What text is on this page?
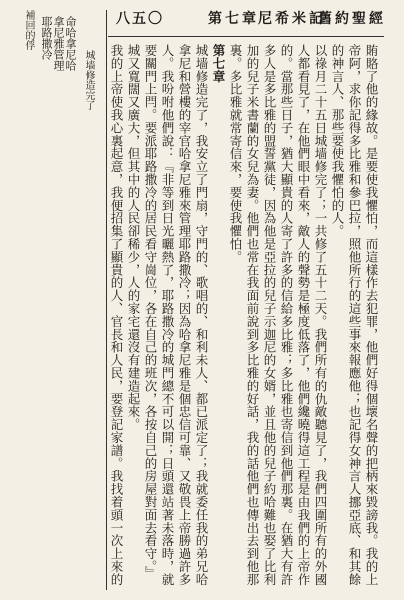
舊約聖經
尼希米記
第七章
八五〇

賄賂了他的緣故。是要使我懼怕，而這樣作去犯罪，他們好得個壞名聲的把柄來毀謗我。我的上帝阿，求你記得多比雅和參巴拉，照他所行的這些事來報應他；也記得女神言人挪亞底、和其餘的神言人、那些要使我懼怕的人。

以祿月二十五日城墙修完了；一共修了五十二天。我們所有的仇敵聽見了，我們四圍所有的外國人都看見了，在他們眼中看來，敵人的聲勢是極度低落了，他們纔曉得這工程是由我們的上帝作的。當那些日子，猶大顯貴的人寄了許多的信給多比雅；多比雅也寄信到他們那裏。在猶大有許多人是多比雅的盟誓黨徒，因為他是亞拉的兒子示迦尼的女婿，並且他的兒子約哈難也娶了比利加的兒子米書蘭的女兒為妻。他們也常在我面前說到多比雅的好話，我的話他們也傳出去到他那裏。多比雅就常寄信來，要使我懼怕。

第七章

城墙修造完了，我安立了門扇，守門的、歌唱的、和利未人、都已派定了；我就委任我的弟兄哈拿尼和營樓的宰官哈拿尼雅來管理耶路撒冷；因為哈拿尼雅是個忠信可靠、又敬畏上帝勝過許多人。我吩咐他們說：『非等到日光曬熱了，耶路撒冷的城門總不可以開；日頭還站著未落時，就要關門上閂。要派耶路撒冷的居民看守崗位，各在自己的班次，各按自己的房屋對面去看守。』城又寬闊又廣大，但其中的人民卻稀少，人的家宅還沒有建造起來。

我的上帝使我心裏起意，我便招集了顯貴的人、官長和人民，要登記家譜。我找着頭一次上來的

城墙修造完了
命哈拿尼哈拿尼雅管理耶路撒冷
補回的俘
